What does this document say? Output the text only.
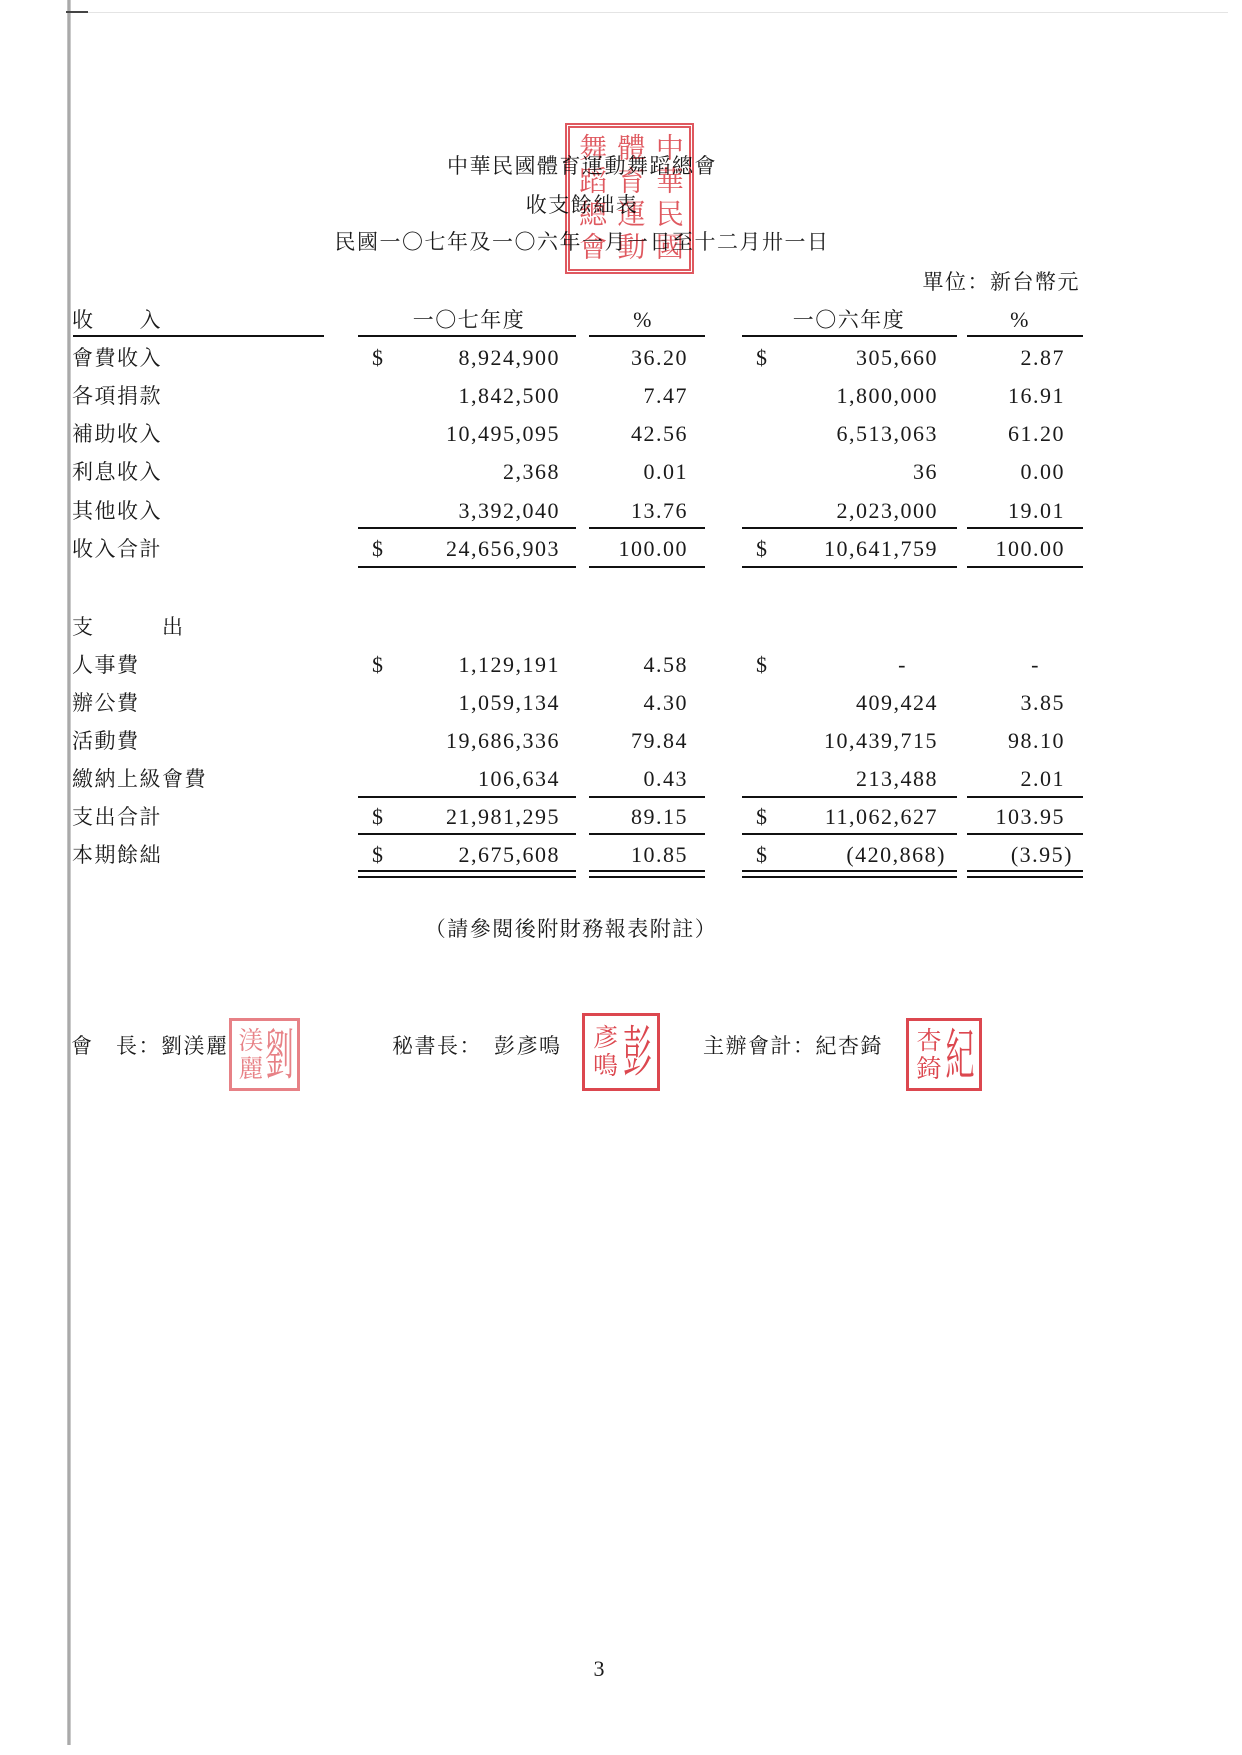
中華民國
體育運動
舞蹈總會
中華民國體育運動舞蹈總會
收支餘絀表
民國一〇七年及一〇六年一月一日至十二月卅一日
單位：新台幣元
收　　入	一〇七年度	%	一〇六年度	%
會費收入	$	8,924,900	36.20	$	305,660	2.87
各項捐款	1,842,500	7.47	1,800,000	16.91
補助收入	10,495,095	42.56	6,513,063	61.20
利息收入	2,368	0.01	36	0.00
其他收入	3,392,040	13.76	2,023,000	19.01
收入合計	$	24,656,903	100.00	$	10,641,759	100.00
支　　　出
人事費	$	1,129,191	4.58	$	-	-
辦公費	1,059,134	4.30	409,424	3.85
活動費	19,686,336	79.84	10,439,715	98.10
繳納上級會費	106,634	0.43	213,488	2.01
支出合計	$	21,981,295	89.15	$	11,062,627	103.95
本期餘絀	$	2,675,608	10.85	$	(420,868)	(3.95)
（請參閱後附財務報表附註）
會　長：劉渼麗 劉
渼麗	秘書長：　彭彥鳴 彭
彥鳴	主辦會計：紀杏錡 紀
杏錡
3
